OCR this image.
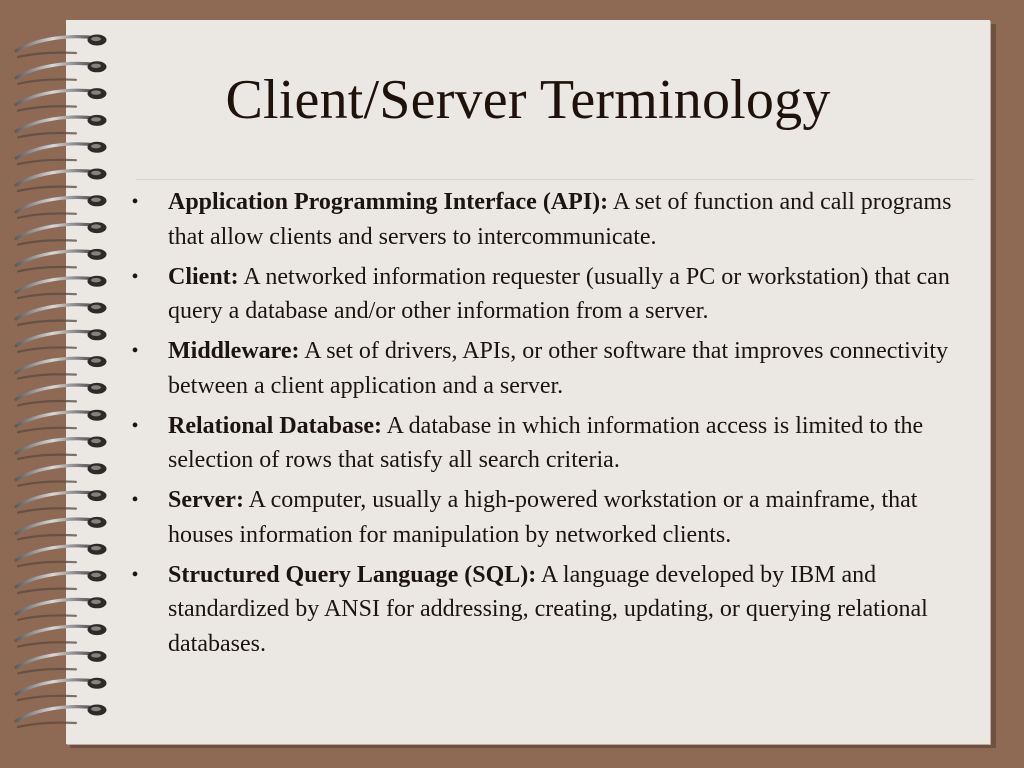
Client/Server Terminology
• Application Programming Interface (API): A set of function and call programs that allow clients and servers to intercommunicate.
• Client: A networked information requester (usually a PC or workstation) that can query a database and/or other information from a server.
• Middleware: A set of drivers, APIs, or other software that improves connectivity between a client application and a server.
• Relational Database: A database in which information access is limited to the selection of rows that satisfy all search criteria.
• Server: A computer, usually a high-powered workstation or a mainframe, that houses information for manipulation by networked clients.
• Structured Query Language (SQL): A language developed by IBM and standardized by ANSI for addressing, creating, updating, or querying relational databases.
